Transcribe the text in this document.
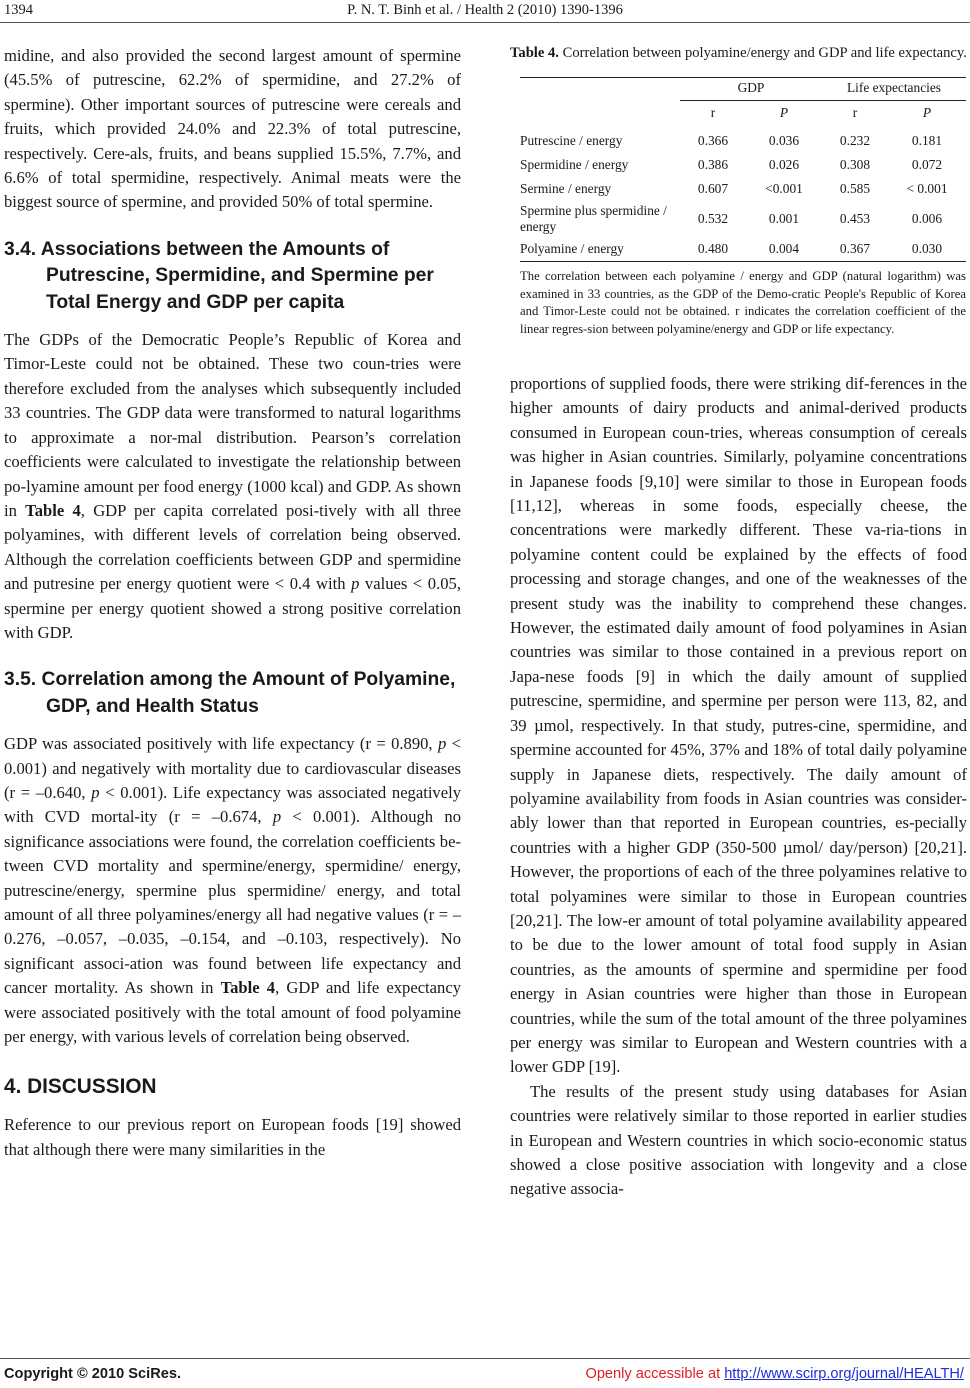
1394	P. N. T. Binh et al. / Health 2 (2010) 1390-1396

midine, and also provided the second largest amount of spermine (45.5% of putrescine, 62.2% of spermidine, and 27.2% of spermine). Other important sources of putrescine were cereals and fruits, which provided 24.0% and 22.3% of total putrescine, respectively. Cere-als, fruits, and beans supplied 15.5%, 7.7%, and 6.6% of total spermidine, respectively. Animal meats were the biggest source of spermine, and provided 50% of total spermine.

3.4. Associations between the Amounts of Putrescine, Spermidine, and Spermine per Total Energy and GDP per capita

The GDPs of the Democratic People’s Republic of Korea and Timor-Leste could not be obtained. These two coun-tries were therefore excluded from the analyses which subsequently included 33 countries. The GDP data were transformed to natural logarithms to approximate a nor-mal distribution. Pearson’s correlation coefficients were calculated to investigate the relationship between po-lyamine amount per food energy (1000 kcal) and GDP. As shown in Table 4, GDP per capita correlated posi-tively with all three polyamines, with different levels of correlation being observed. Although the correlation coefficients between GDP and spermidine and putresine per energy quotient were < 0.4 with p values < 0.05, spermine per energy quotient showed a strong positive correlation with GDP.

3.5. Correlation among the Amount of Polyamine, GDP, and Health Status

GDP was associated positively with life expectancy (r = 0.890, p < 0.001) and negatively with mortality due to cardiovascular diseases (r = –0.640, p < 0.001). Life expectancy was associated negatively with CVD mortal-ity (r = –0.674, p < 0.001). Although no significance associations were found, the correlation coefficients be-tween CVD mortality and spermine/energy, spermidine/ energy, putrescine/energy, spermine plus spermidine/ energy, and total amount of all three polyamines/energy all had negative values (r = –0.276, –0.057, –0.035, –0.154, and –0.103, respectively). No significant associ-ation was found between life expectancy and cancer mortality. As shown in Table 4, GDP and life expectancy were associated positively with the total amount of food polyamine per energy, with various levels of correlation being observed.

4. DISCUSSION

Reference to our previous report on European foods [19] showed that although there were many similarities in the

Table 4. Correlation between polyamine/energy and GDP and life expectancy.

	GDP		Life expectancies	
	r	P	r	P
Putrescine / energy	0.366	0.036	0.232	0.181
Spermidine / energy	0.386	0.026	0.308	0.072
Sermine / energy	0.607	<0.001	0.585	< 0.001
Spermine plus spermidine / energy	0.532	0.001	0.453	0.006
Polyamine / energy	0.480	0.004	0.367	0.030

The correlation between each polyamine / energy and GDP (natural logarithm) was examined in 33 countries, as the GDP of the Demo-cratic People's Republic of Korea and Timor-Leste could not be obtained. r indicates the correlation coefficient of the linear regres-sion between polyamine/energy and GDP or life expectancy.

proportions of supplied foods, there were striking dif-ferences in the higher amounts of dairy products and animal-derived products consumed in European coun-tries, whereas consumption of cereals was higher in Asian countries. Similarly, polyamine concentrations in Japanese foods [9,10] were similar to those in European foods [11,12], whereas in some foods, especially cheese, the concentrations were markedly different. These va-ria-tions in polyamine content could be explained by the effects of food processing and storage changes, and one of the weaknesses of the present study was the inability to comprehend these changes. However, the estimated daily amount of food polyamines in Asian countries was similar to those contained in a previous report on Japa-nese foods [9] in which the daily amount of supplied putrescine, spermidine, and spermine per person were 113, 82, and 39 µmol, respectively. In that study, putres-cine, spermidine, and spermine accounted for 45%, 37% and 18% of total daily polyamine supply in Japanese diets, respectively. The daily amount of polyamine availability from foods in Asian countries was consider-ably lower than that reported in European countries, es-pecially countries with a higher GDP (350-500 µmol/ day/person) [20,21]. However, the proportions of each of the three polyamines relative to total polyamines were similar to those in European countries [20,21]. The low-er amount of total polyamine availability appeared to be due to the lower amount of total food supply in Asian countries, as the amounts of spermine and spermidine per food energy in Asian countries were higher than those in European countries, while the sum of the total amount of the three polyamines per energy was similar to European and Western countries with a lower GDP [19].

The results of the present study using databases for Asian countries were relatively similar to those reported in earlier studies in European and Western countries in which socio-economic status showed a close positive association with longevity and a close negative associa-

Copyright © 2010 SciRes.	Openly accessible at http://www.scirp.org/journal/HEALTH/
